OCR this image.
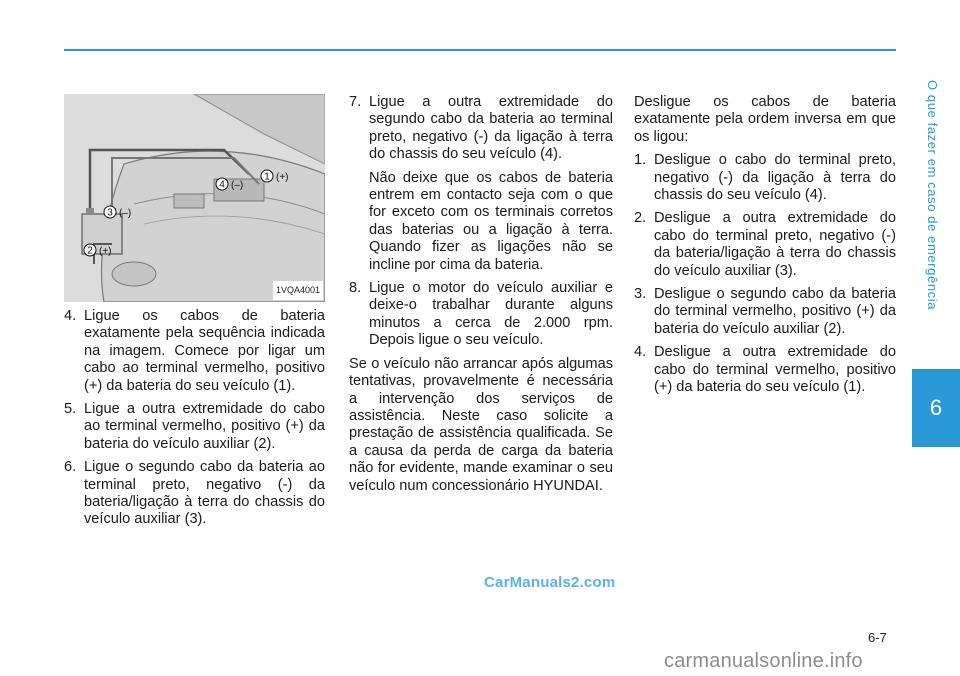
O que fazer em caso de emergência
6
1 (+)
2 (+)
3 (–)
4 (–)
1VQA4001
4. Ligue os cabos de bateria exatamente pela sequência indicada na imagem. Comece por ligar um cabo ao terminal vermelho, positivo (+) da bateria do seu veículo (1).
5. Ligue a outra extremidade do cabo ao terminal vermelho, positivo (+) da bateria do veículo auxiliar (2).
6. Ligue o segundo cabo da bateria ao terminal preto, negativo (-) da bateria/ligação à terra do chassis do veículo auxiliar (3).
7. Ligue a outra extremidade do segundo cabo da bateria ao terminal preto, negativo (-) da ligação à terra do chassis do seu veículo (4).
Não deixe que os cabos de bateria entrem em contacto seja com o que for exceto com os terminais corretos das baterias ou a ligação à terra. Quando fizer as ligações não se incline por cima da bateria.
8. Ligue o motor do veículo auxiliar e deixe-o trabalhar durante alguns minutos a cerca de 2.000 rpm. Depois ligue o seu veículo.
Se o veículo não arrancar após algumas tentativas, provavelmente é necessária a intervenção dos serviços de assistência. Neste caso solicite a prestação de assistência qualificada. Se a causa da perda de carga da bateria não for evidente, mande examinar o seu veículo num concessionário HYUNDAI.
Desligue os cabos de bateria exatamente pela ordem inversa em que os ligou:
1. Desligue o cabo do terminal preto, negativo (-) da ligação à terra do chassis do seu veículo (4).
2. Desligue a outra extremidade do cabo do terminal preto, negativo (-) da bateria/ligação à terra do chassis do veículo auxiliar (3).
3. Desligue o segundo cabo da bateria do terminal vermelho, positivo (+) da bateria do veículo auxiliar (2).
4. Desligue a outra extremidade do cabo do terminal vermelho, positivo (+) da bateria do seu veículo (1).
CarManuals2.com
6-7
carmanualsonline.info
